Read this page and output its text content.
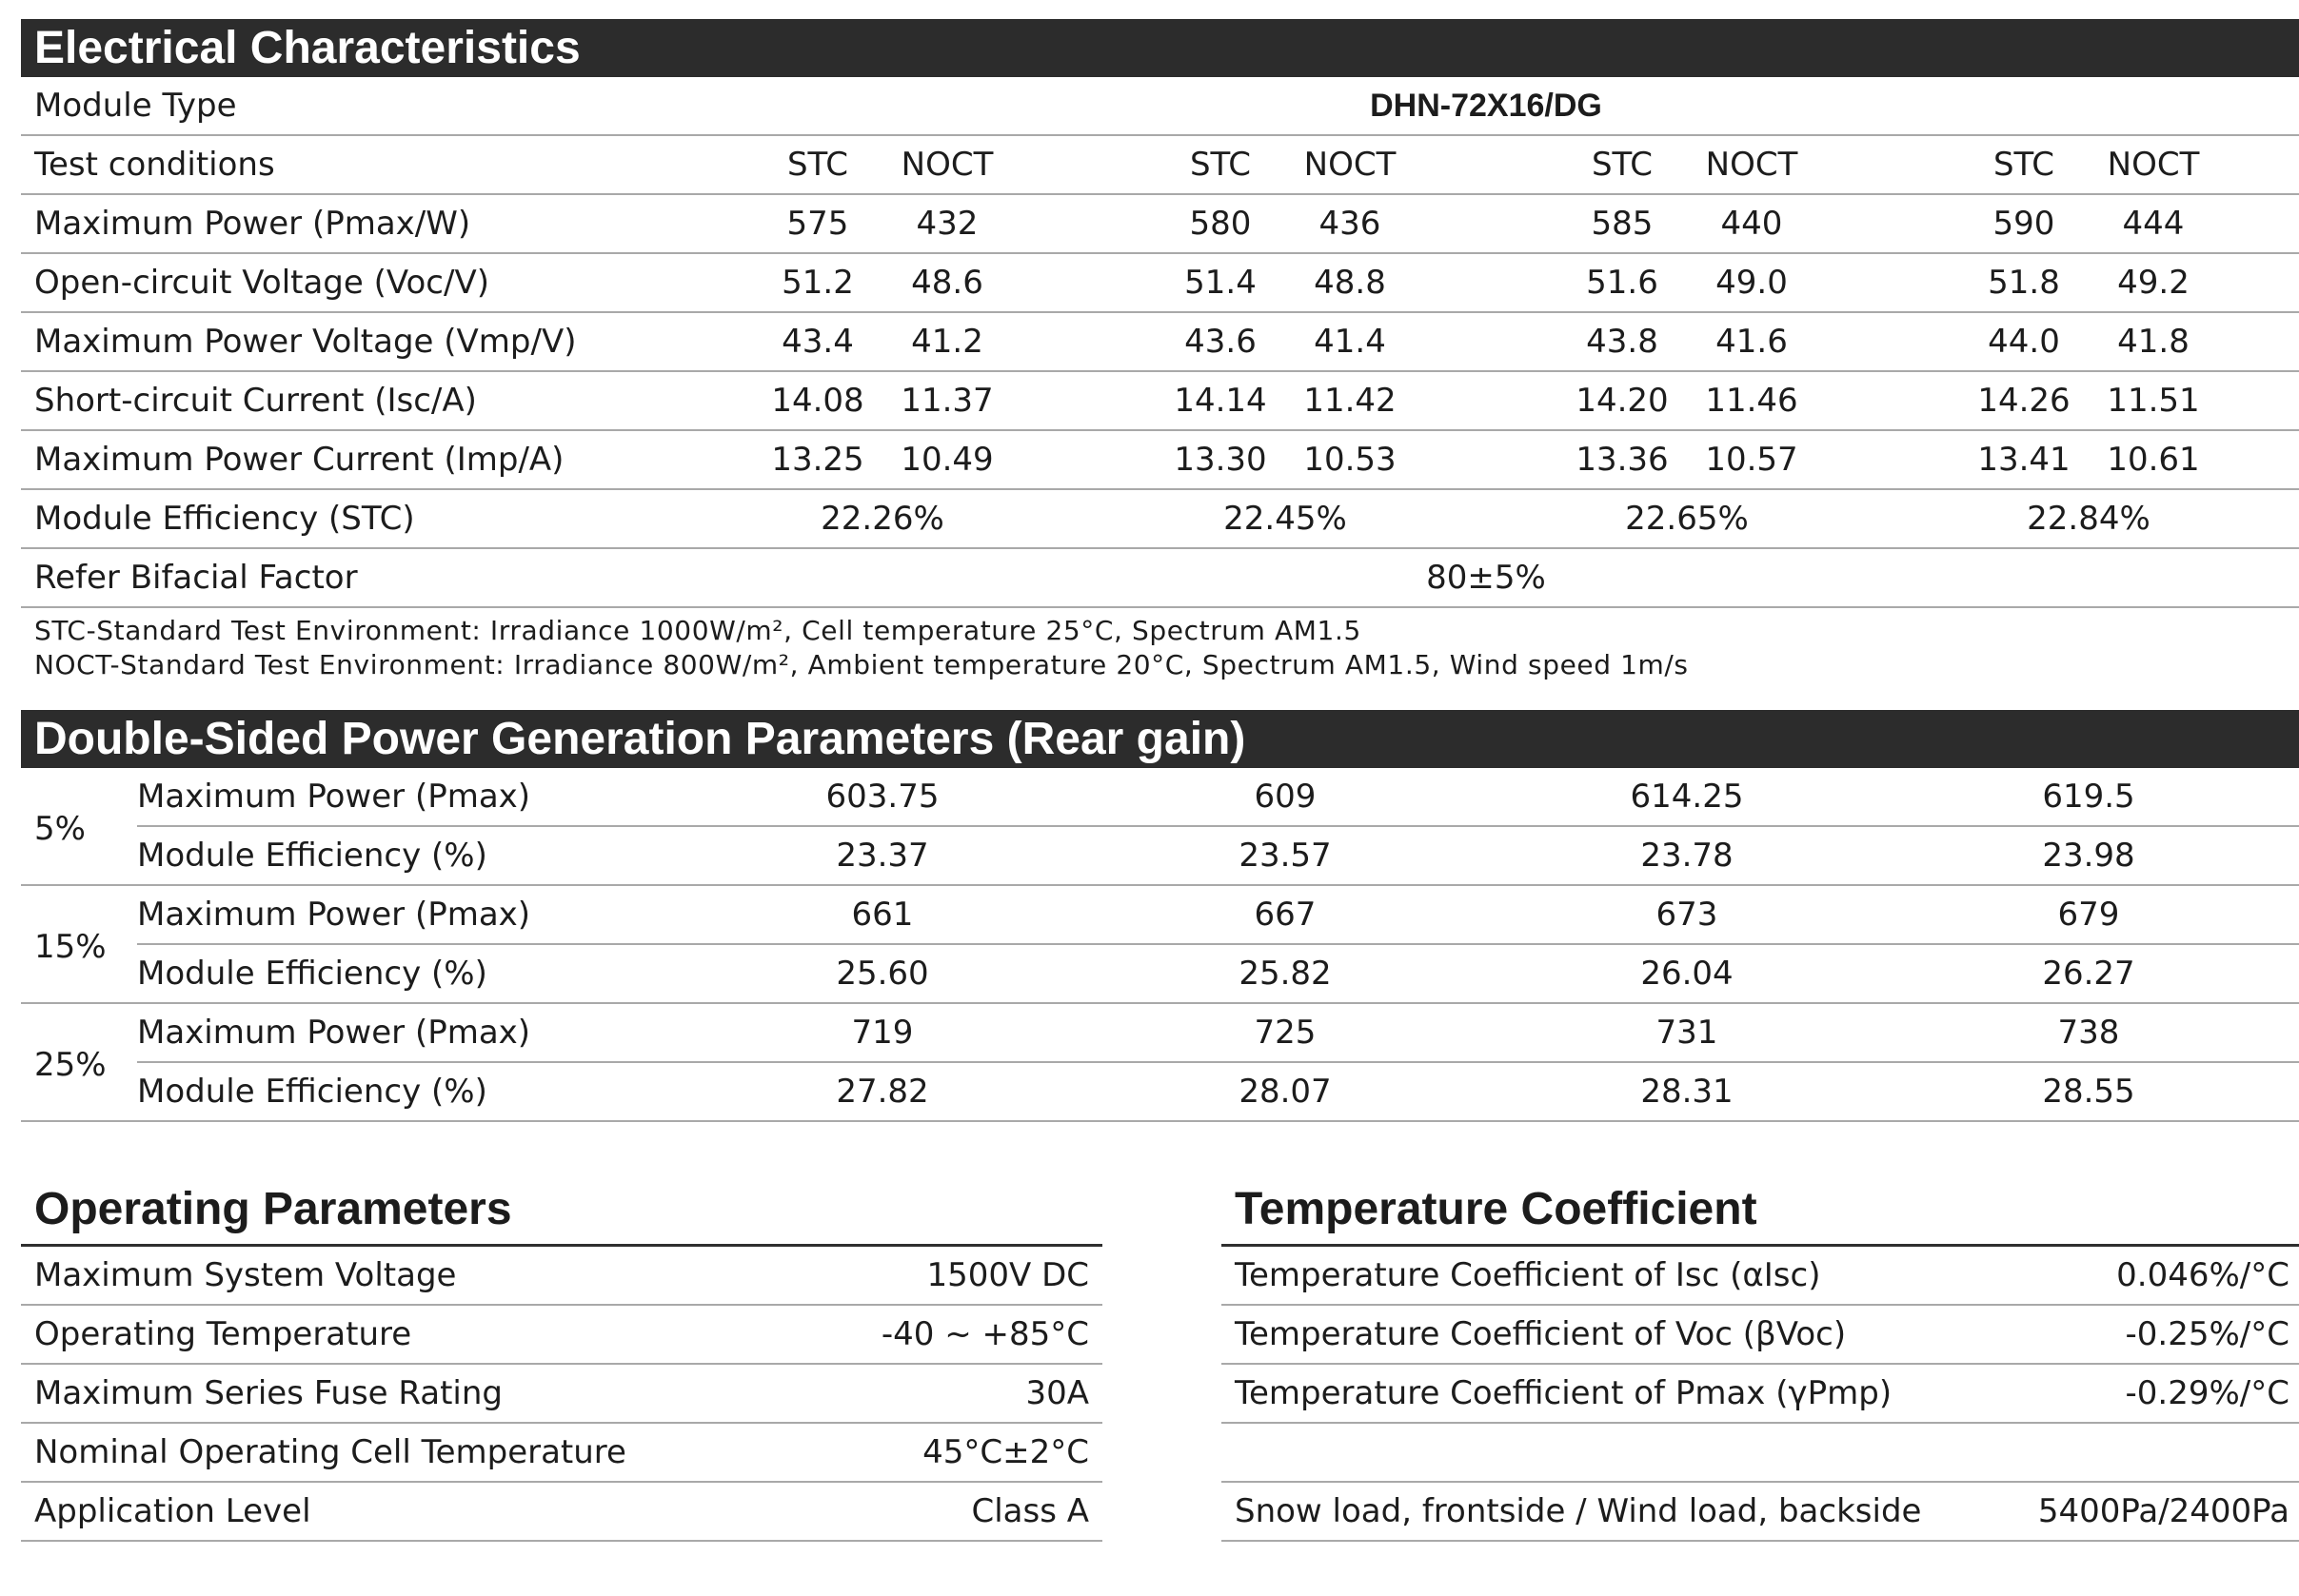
Electrical Characteristics
Module Type	DHN-72X16/DG
Test conditions	STC NOCT	STC NOCT	STC NOCT	STC NOCT
Maximum Power (Pmax/W)	575 432	580 436	585 440	590 444
Open-circuit Voltage (Voc/V)	51.2 48.6	51.4 48.8	51.6 49.0	51.8 49.2
Maximum Power Voltage (Vmp/V)	43.4 41.2	43.6 41.4	43.8 41.6	44.0 41.8
Short-circuit Current (Isc/A)	14.08 11.37	14.14 11.42	14.20 11.46	14.26 11.51
Maximum Power Current (Imp/A)	13.25 10.49	13.30 10.53	13.36 10.57	13.41 10.61
Module Efficiency (STC)	22.26%	22.45%	22.65%	22.84%
Refer Bifacial Factor	80±5%
STC-Standard Test Environment: Irradiance 1000W/m², Cell temperature 25°C, Spectrum AM1.5
NOCT-Standard Test Environment: Irradiance 800W/m², Ambient temperature 20°C, Spectrum AM1.5, Wind speed 1m/s
Double-Sided Power Generation Parameters (Rear gain)
5%
Maximum Power (Pmax)	603.75	609	614.25	619.5
Module Efficiency (%)	23.37	23.57	23.78	23.98
15%
Maximum Power (Pmax)	661	667	673	679
Module Efficiency (%)	25.60	25.82	26.04	26.27
25%
Maximum Power (Pmax)	719	725	731	738
Module Efficiency (%)	27.82	28.07	28.31	28.55
Operating Parameters
Maximum System Voltage	1500V DC
Operating Temperature	-40 ~ +85°C
Maximum Series Fuse Rating	30A
Nominal Operating Cell Temperature	45°C±2°C
Application Level	Class A
Temperature Coefficient
Temperature Coefficient of Isc (αIsc)	0.046%/°C
Temperature Coefficient of Voc (βVoc)	-0.25%/°C
Temperature Coefficient of Pmax (γPmp)	-0.29%/°C
Snow load, frontside / Wind load, backside	5400Pa/2400Pa
